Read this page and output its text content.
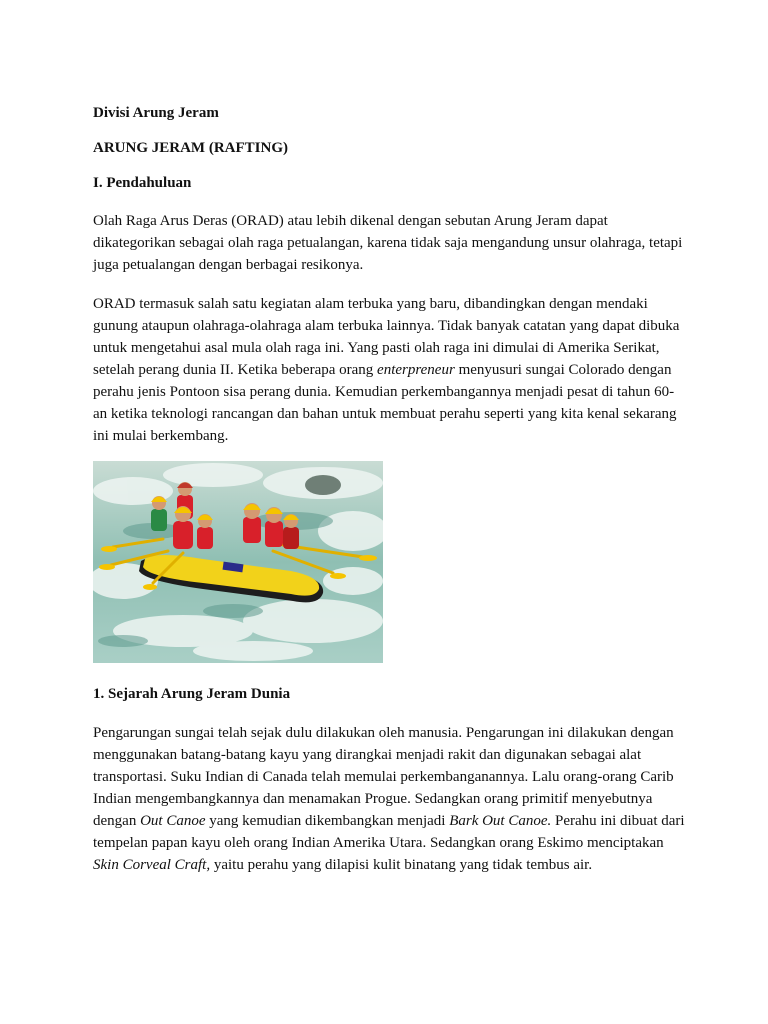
Divisi Arung Jeram

ARUNG JERAM (RAFTING)

I. Pendahuluan

Olah Raga Arus Deras (ORAD) atau lebih dikenal dengan sebutan Arung Jeram dapat dikategorikan sebagai olah raga petualangan, karena tidak saja mengandung unsur olahraga, tetapi juga petualangan dengan berbagai resikonya.

ORAD termasuk salah satu kegiatan alam terbuka yang baru, dibandingkan dengan mendaki gunung ataupun olahraga-olahraga alam terbuka lainnya. Tidak banyak catatan yang dapat dibuka untuk mengetahui asal mula olah raga ini. Yang pasti olah raga ini dimulai di Amerika Serikat, setelah perang dunia II. Ketika beberapa orang enterpreneur menyusuri sungai Colorado dengan perahu jenis Pontoon sisa perang dunia. Kemudian perkembangannya menjadi pesat di tahun 60-an ketika teknologi rancangan dan bahan untuk membuat perahu seperti yang kita kenal sekarang ini mulai berkembang.

1. Sejarah Arung Jeram Dunia

Pengarungan sungai telah sejak dulu dilakukan oleh manusia. Pengarungan ini dilakukan dengan menggunakan batang-batang kayu yang dirangkai menjadi rakit dan digunakan sebagai alat transportasi. Suku Indian di Canada telah memulai perkembanganannya. Lalu orang-orang Carib Indian mengembangkannya dan menamakan Progue. Sedangkan orang primitif menyebutnya dengan Out Canoe yang kemudian dikembangkan menjadi Bark Out Canoe. Perahu ini dibuat dari tempelan papan kayu oleh orang Indian Amerika Utara. Sedangkan orang Eskimo menciptakan Skin Corveal Craft, yaitu perahu yang dilapisi kulit binatang yang tidak tembus air.
